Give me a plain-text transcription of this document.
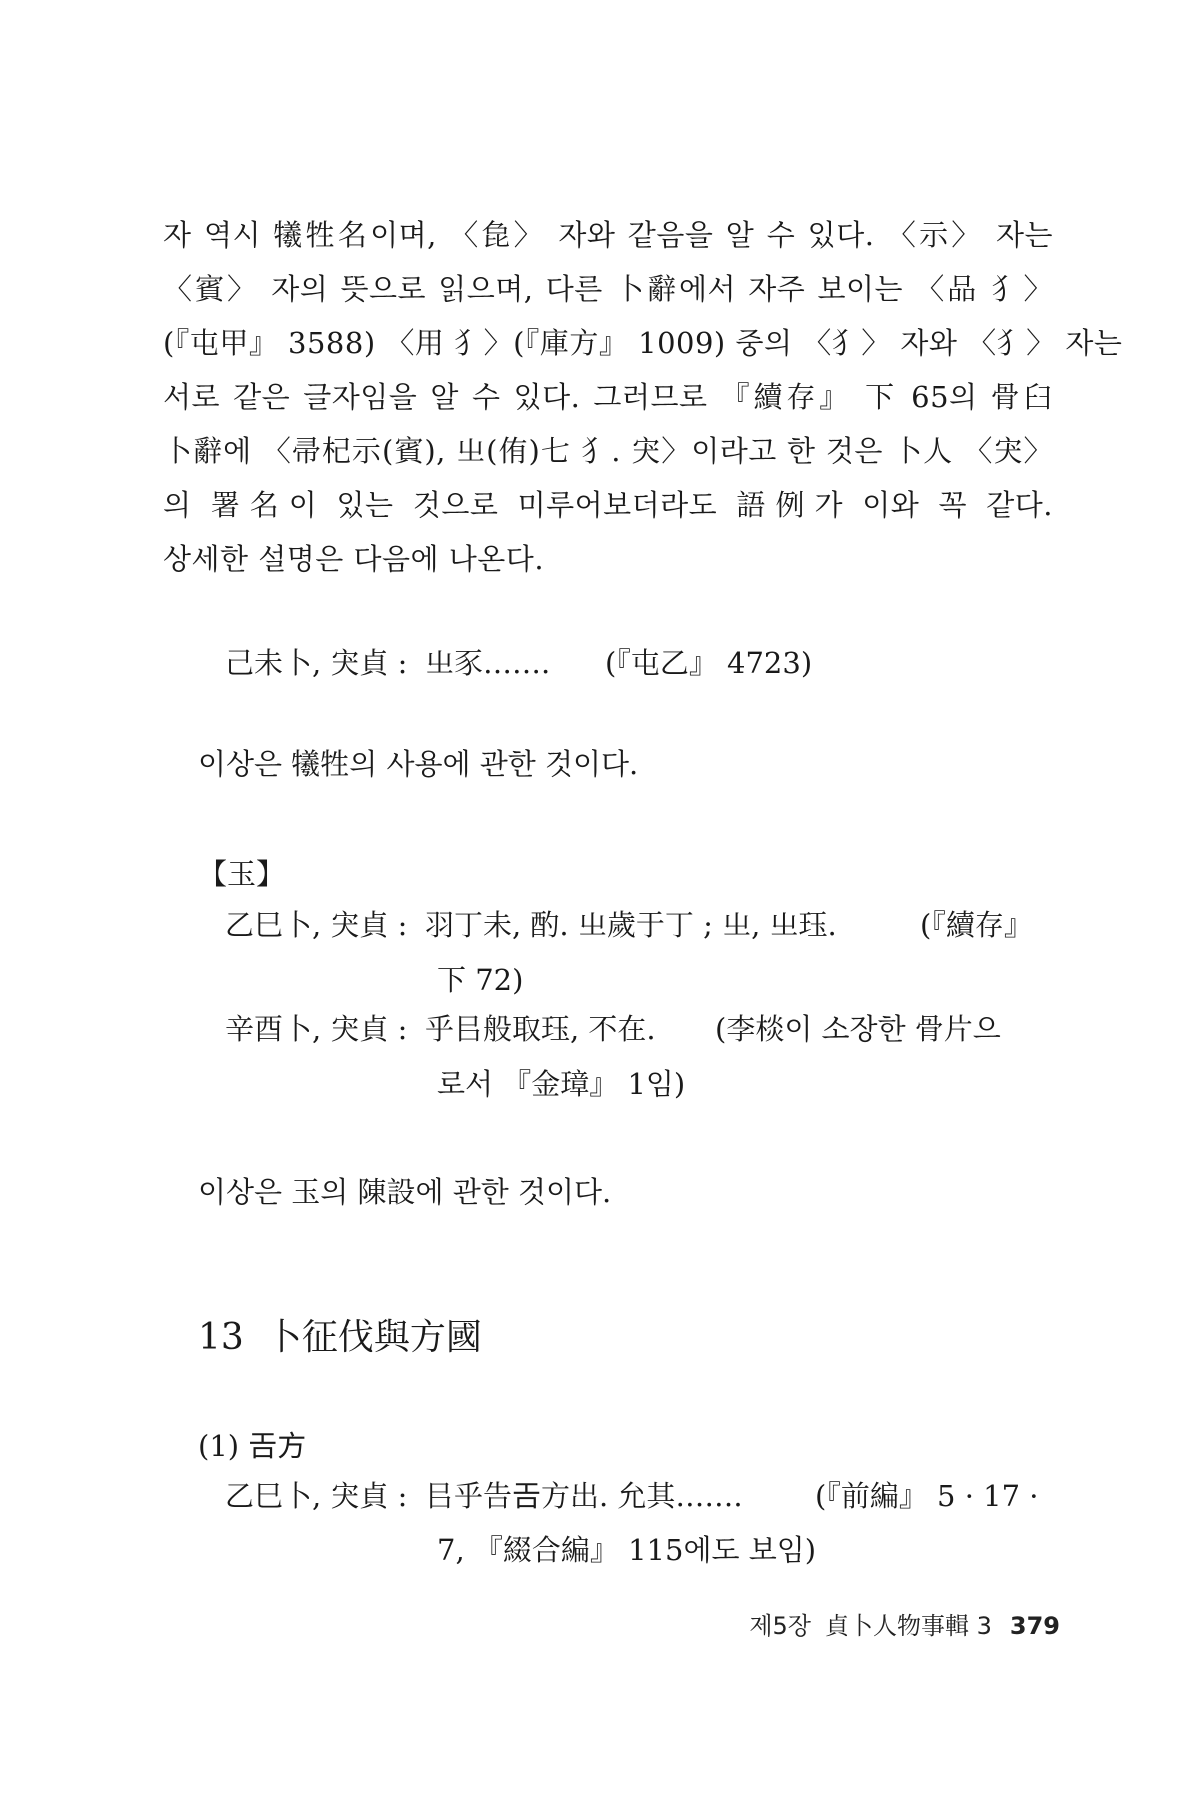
자 역시 犧牲名이며, 〈㲋〉 자와 같음을 알 수 있다. 〈示〉 자는
〈賓〉 자의 뜻으로 읽으며, 다른 卜辭에서 자주 보이는 〈品 ⺨〉
(『屯甲』 3588) 〈用 ⺨〉(『庫方』 1009) 중의 〈⺨〉 자와 〈⺨〉 자는
서로 같은 글자임을 알 수 있다. 그러므로 『續存』 下 65의 骨臼
卜辭에 〈帚杞示(賓), 㞢(侑)七 ⺨. 宊〉이라고 한 것은 卜人 〈宊〉
의 署名이 있는 것으로 미루어보더라도 語例가 이와 꼭 같다.
상세한 설명은 다음에 나온다.
己未卜, 宊貞 : 㞢豕…….(『屯乙』 4723)
이상은 犧牲의 사용에 관한 것이다.
【玉】
乙巳卜, 宊貞 : 羽丁未, 酌. 㞢歲于丁 ; 㞢, 㞢珏.	(『續存』
下 72)
辛酉卜, 宊貞 : 乎㠯般取珏, 不在. (李棪이 소장한 骨片으
로서 『金璋』 1임)
이상은 玉의 陳設에 관한 것이다.
13 卜征伐與方國
(1) 𢀛方
乙巳卜, 宊貞 : 㠯乎告𢀛方出. 允其……. (『前編』 5 · 17 ·
7, 『綴合編』 115에도 보임)
제5장 貞卜人物事輯 3 379
